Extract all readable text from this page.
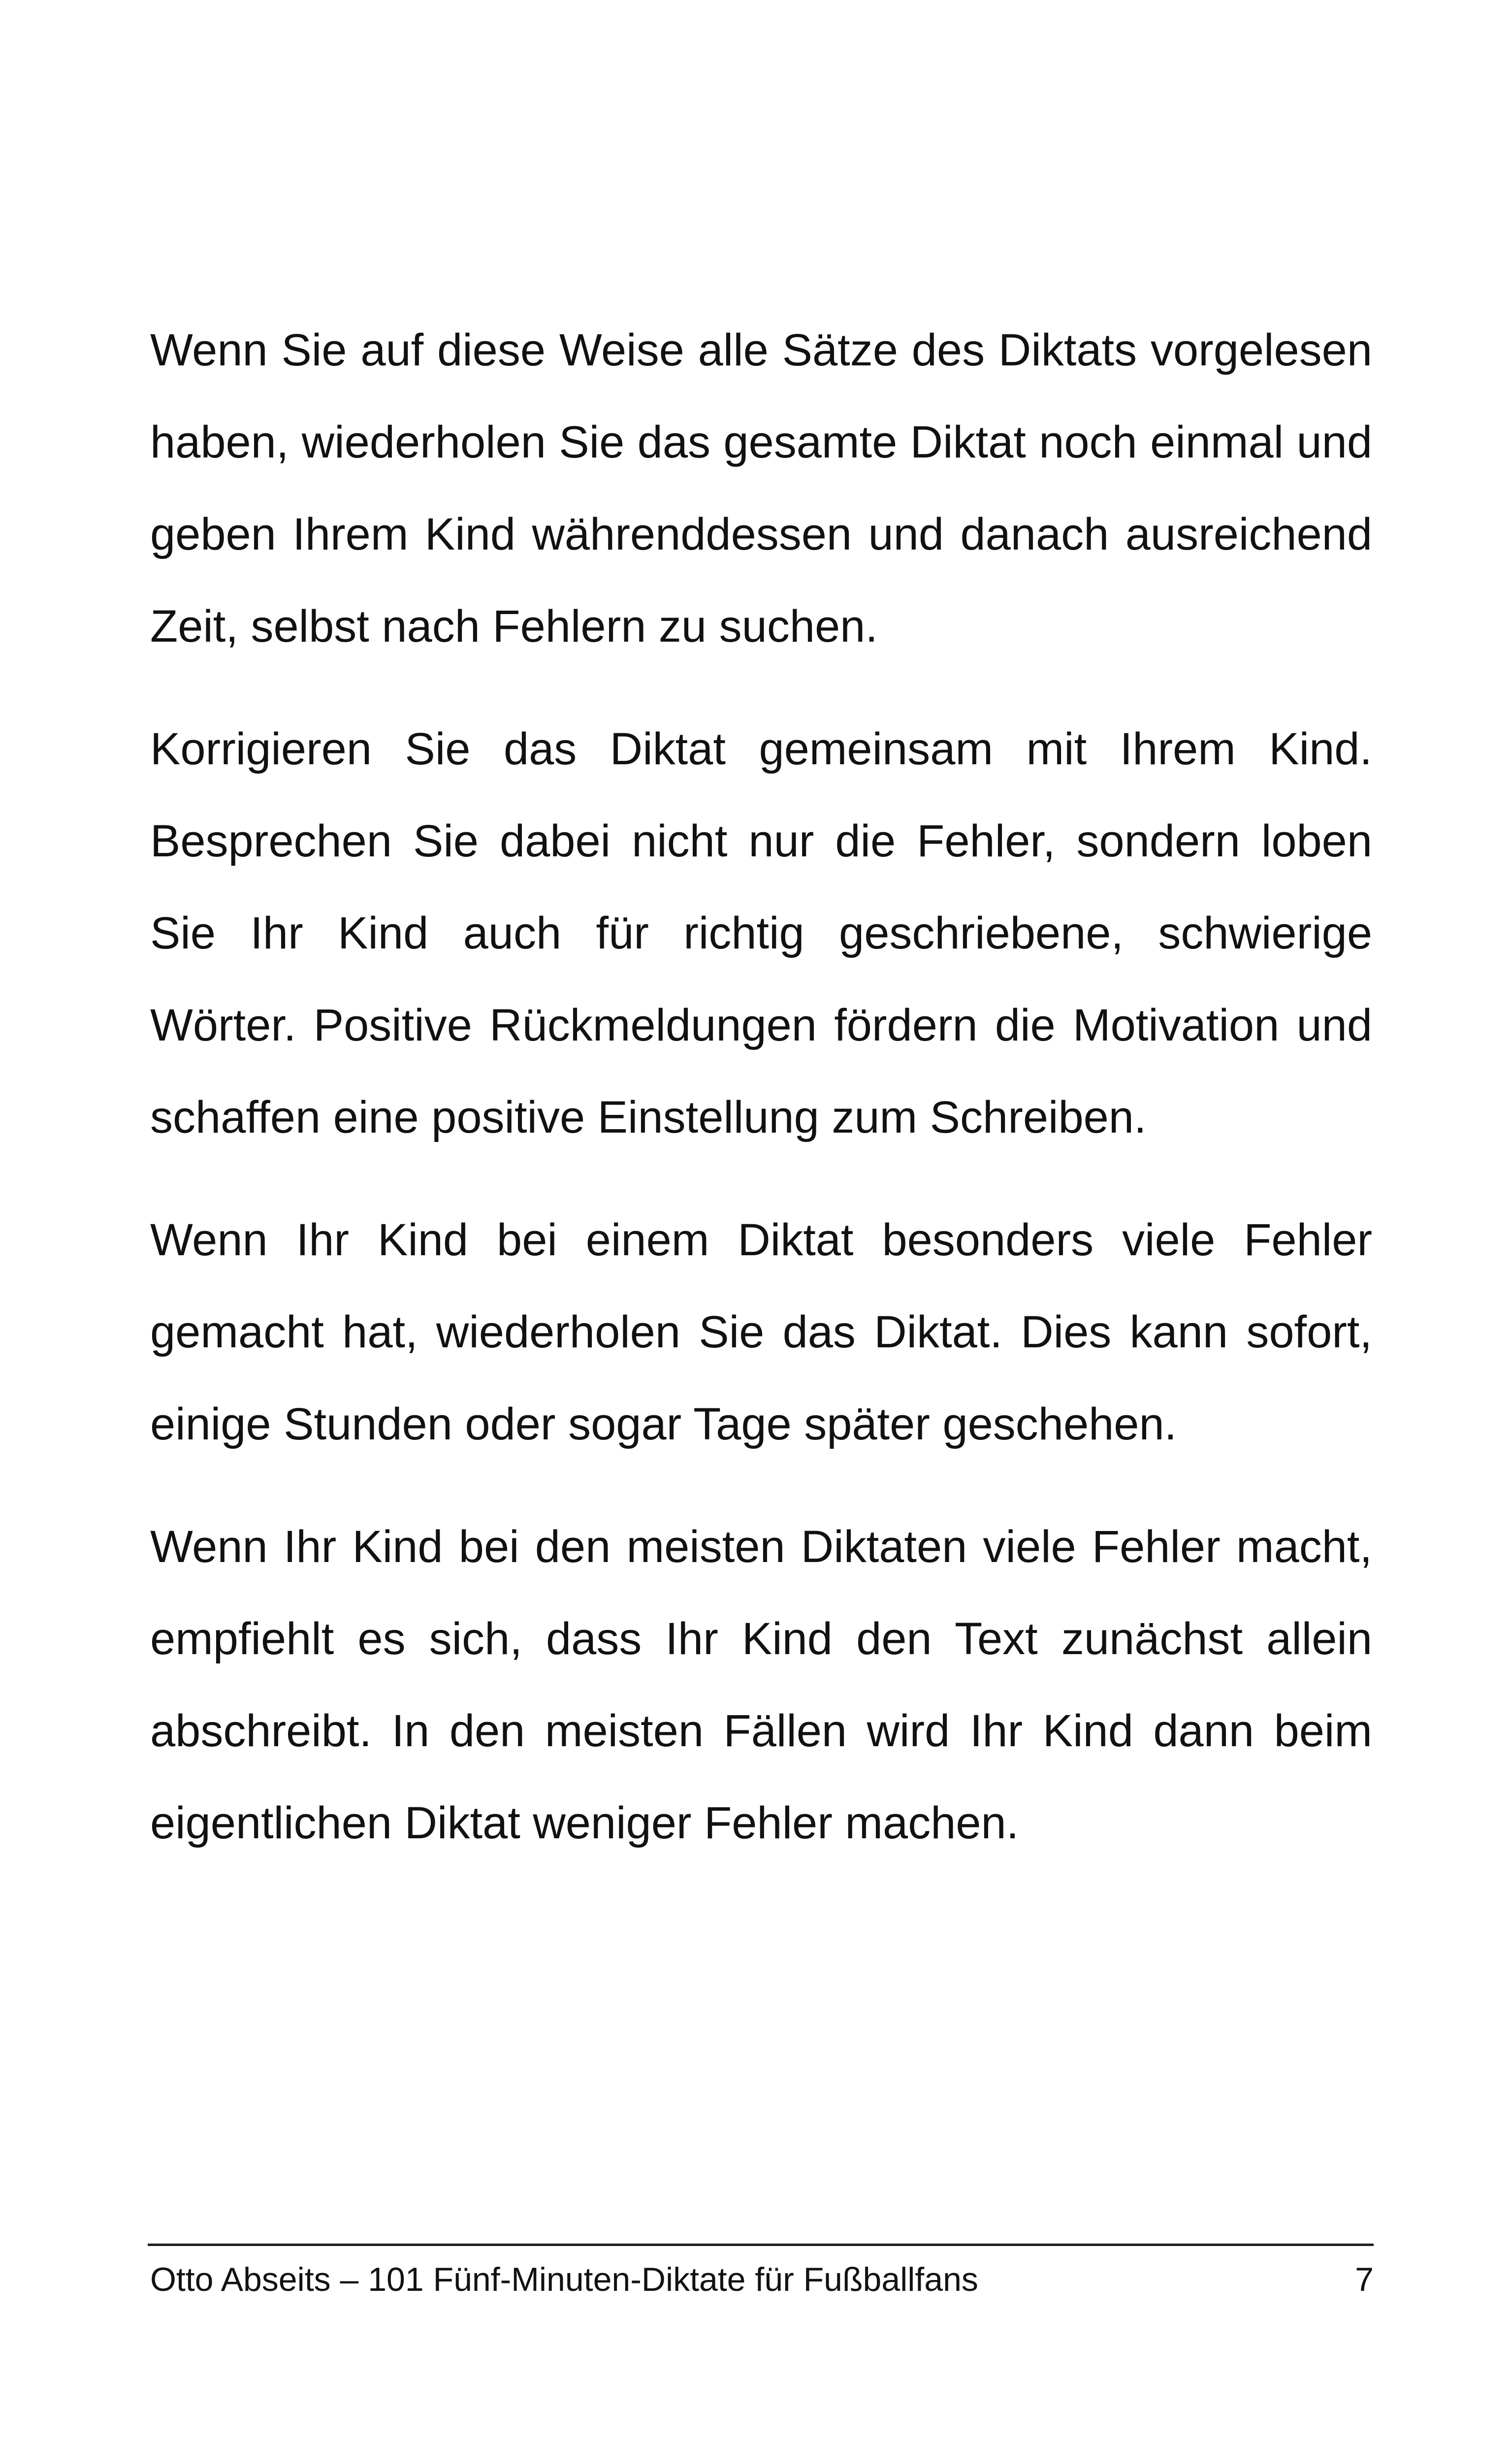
Wenn Sie auf diese Weise alle Sätze des Diktats vorgelesen haben, wiederholen Sie das gesamte Diktat noch einmal und geben Ihrem Kind währenddessen und danach ausreichend Zeit, selbst nach Fehlern zu suchen.

Korrigieren Sie das Diktat gemeinsam mit Ihrem Kind. Besprechen Sie dabei nicht nur die Fehler, sondern loben Sie Ihr Kind auch für richtig geschriebene, schwierige Wörter. Positive Rückmeldungen fördern die Motivation und schaffen eine positive Einstellung zum Schreiben.

Wenn Ihr Kind bei einem Diktat besonders viele Fehler gemacht hat, wiederholen Sie das Diktat. Dies kann sofort, einige Stunden oder sogar Tage später geschehen.

Wenn Ihr Kind bei den meisten Diktaten viele Fehler macht, empfiehlt es sich, dass Ihr Kind den Text zunächst allein abschreibt. In den meisten Fällen wird Ihr Kind dann beim eigentlichen Diktat weniger Fehler machen.

Otto Abseits – 101 Fünf-Minuten-Diktate für Fußballfans	7
